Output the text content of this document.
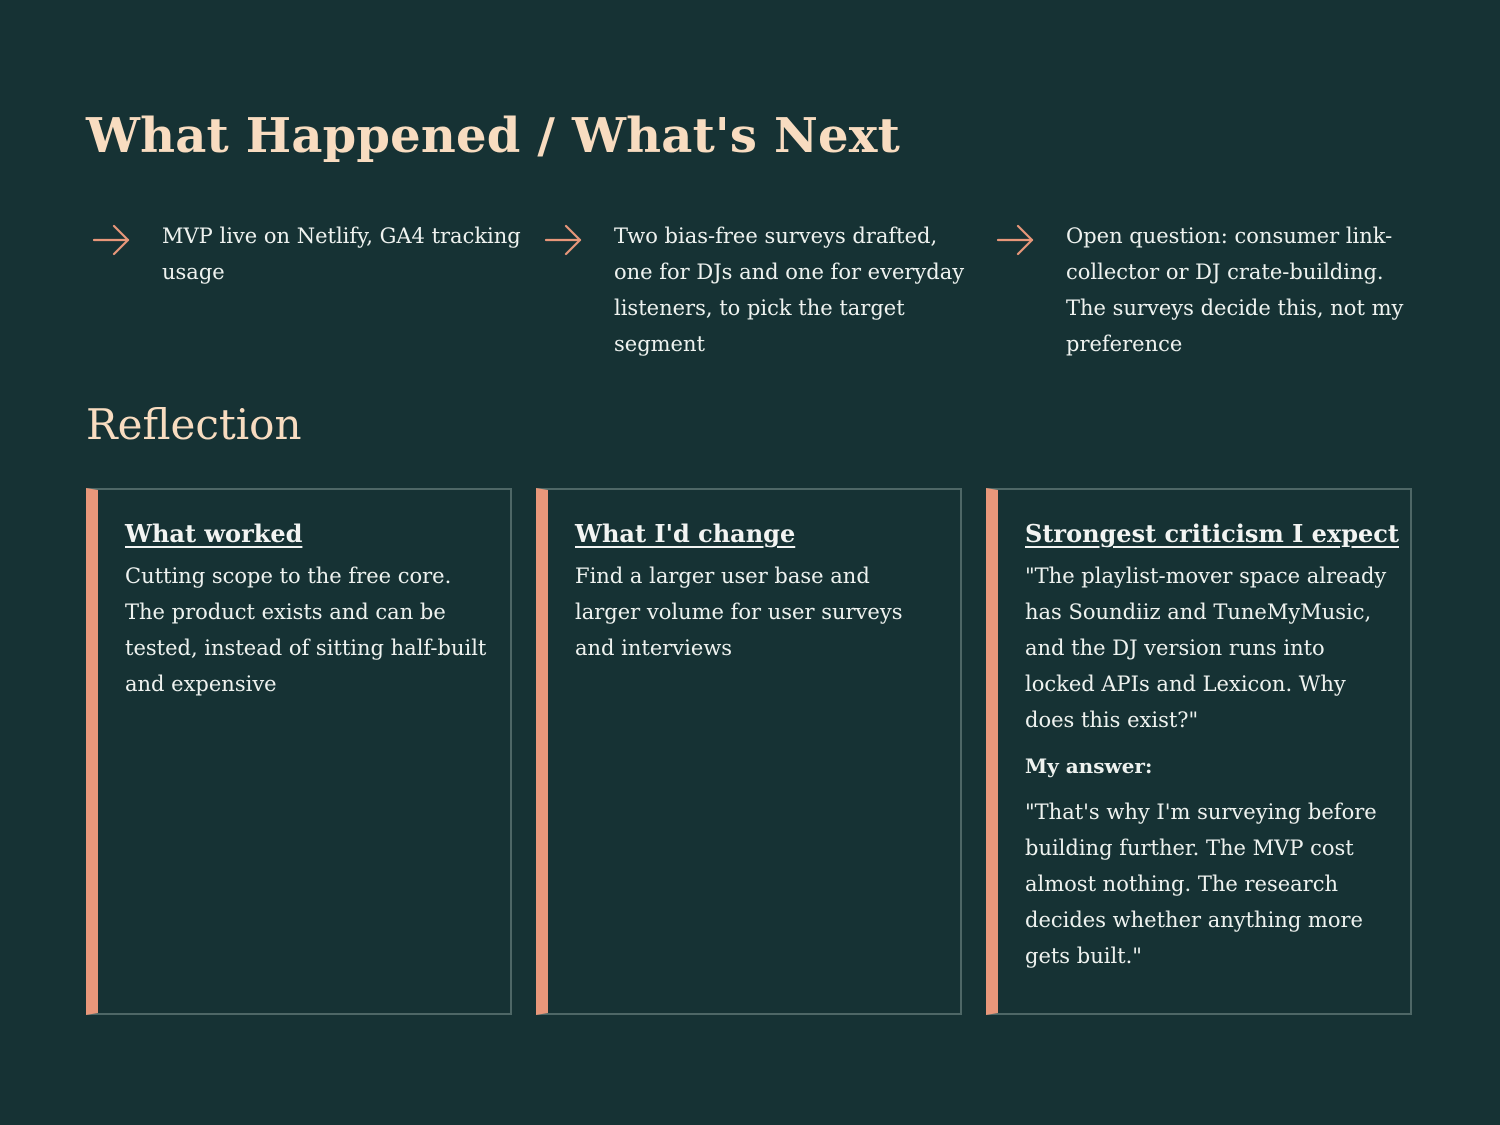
What Happened / What's Next
MVP live on Netlify, GA4 tracking usage
Two bias-free surveys drafted, one for DJs and one for everyday listeners, to pick the target segment
Open question: consumer link-collector or DJ crate-building. The surveys decide this, not my preference
Reflection
What worked

Cutting scope to the free core. The product exists and can be tested, instead of sitting half-built and expensive

What I'd change

Find a larger user base and larger volume for user surveys and interviews

Strongest criticism I expect

"The playlist-mover space already has Soundiiz and TuneMyMusic, and the DJ version runs into locked APIs and Lexicon. Why does this exist?"

My answer:

"That's why I'm surveying before building further. The MVP cost almost nothing. The research decides whether anything more gets built."
